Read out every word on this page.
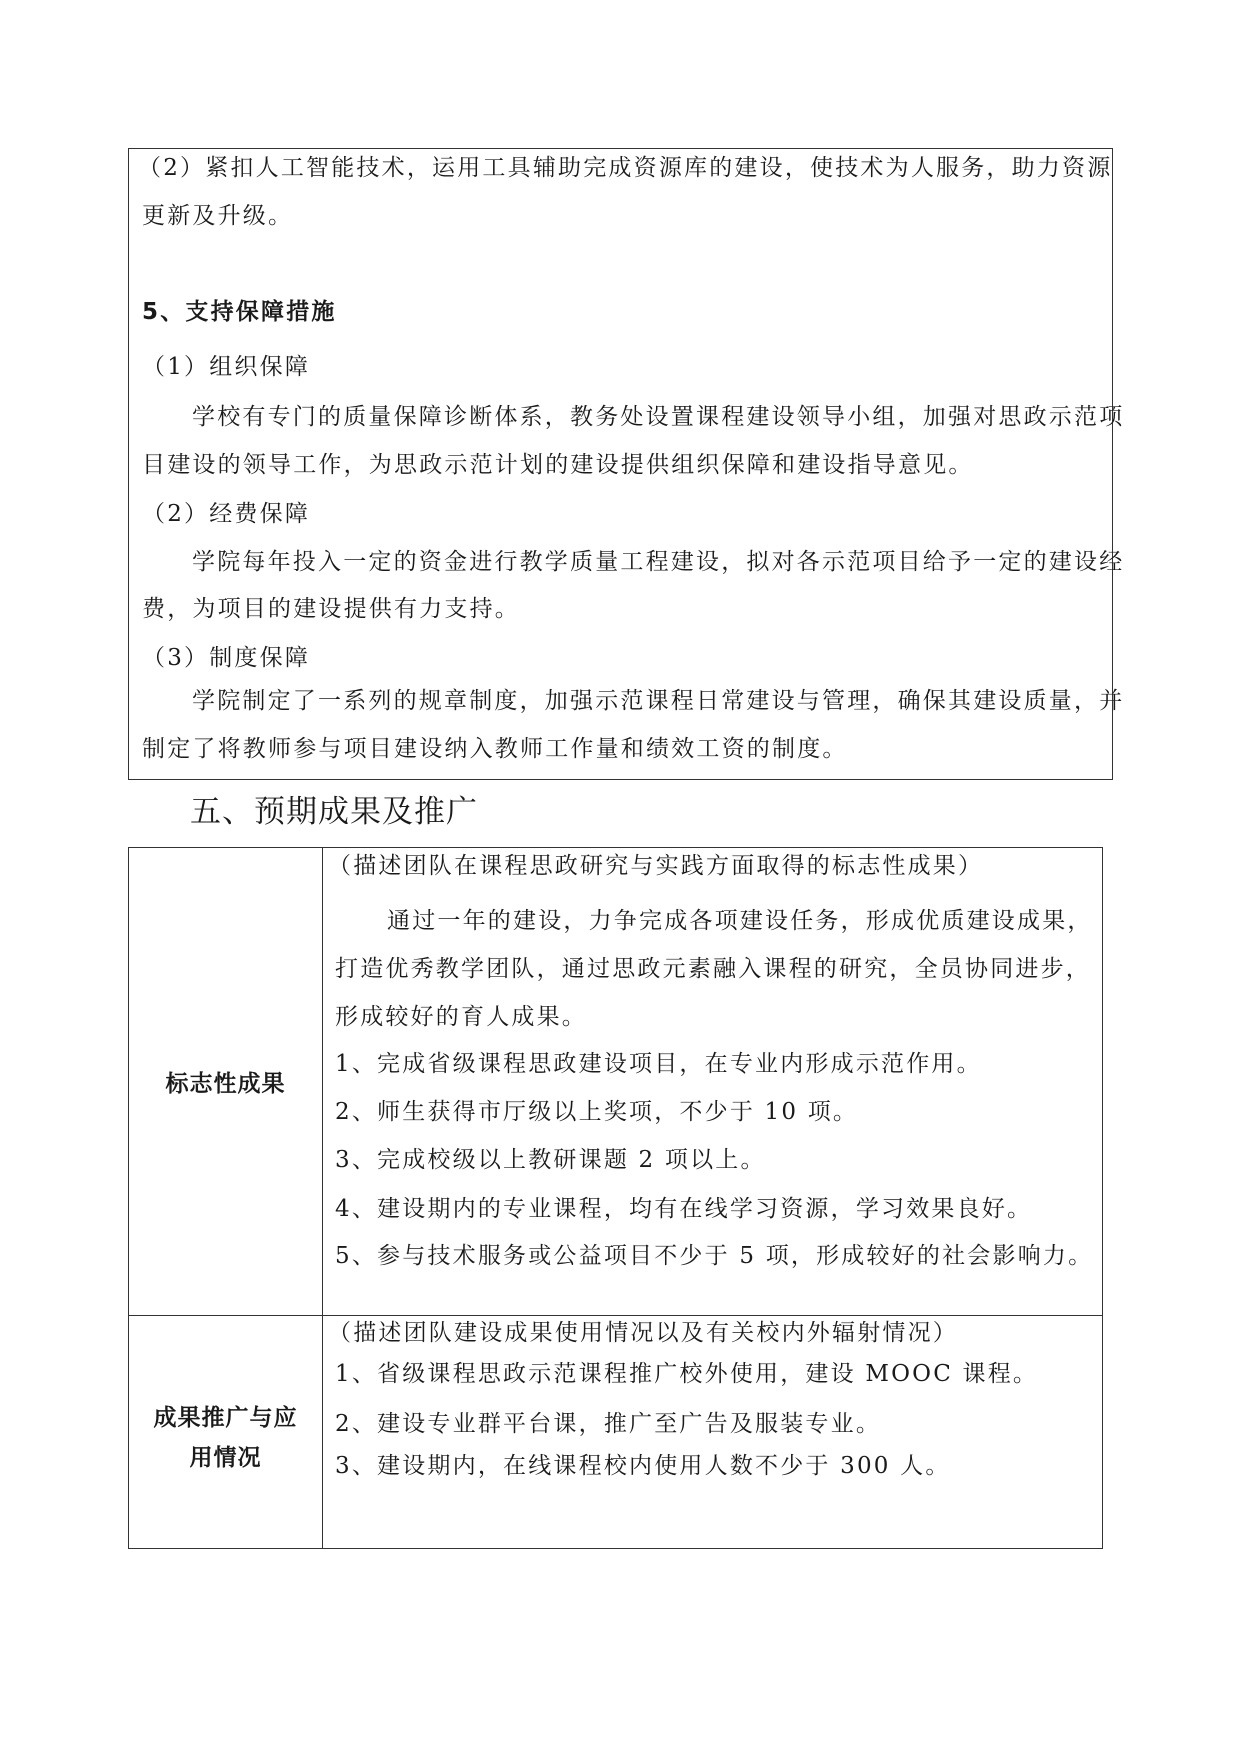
（2）紧扣人工智能技术，运用工具辅助完成资源库的建设，使技术为人服务，助力资源
更新及升级。
5、支持保障措施
（1）组织保障
学校有专门的质量保障诊断体系，教务处设置课程建设领导小组，加强对思政示范项
目建设的领导工作，为思政示范计划的建设提供组织保障和建设指导意见。
（2）经费保障
学院每年投入一定的资金进行教学质量工程建设，拟对各示范项目给予一定的建设经
费，为项目的建设提供有力支持。
（3）制度保障
学院制定了一系列的规章制度，加强示范课程日常建设与管理，确保其建设质量，并
制定了将教师参与项目建设纳入教师工作量和绩效工资的制度。
五、预期成果及推广
标志性成果
（描述团队在课程思政研究与实践方面取得的标志性成果）
通过一年的建设，力争完成各项建设任务，形成优质建设成果，
打造优秀教学团队，通过思政元素融入课程的研究，全员协同进步，
形成较好的育人成果。
1、完成省级课程思政建设项目，在专业内形成示范作用。
2、师生获得市厅级以上奖项，不少于 10 项。
3、完成校级以上教研课题 2 项以上。
4、建设期内的专业课程，均有在线学习资源，学习效果良好。
5、参与技术服务或公益项目不少于 5 项，形成较好的社会影响力。
成果推广与应
用情况
（描述团队建设成果使用情况以及有关校内外辐射情况）
1、省级课程思政示范课程推广校外使用，建设 MOOC 课程。
2、建设专业群平台课，推广至广告及服装专业。
3、建设期内，在线课程校内使用人数不少于 300 人。
